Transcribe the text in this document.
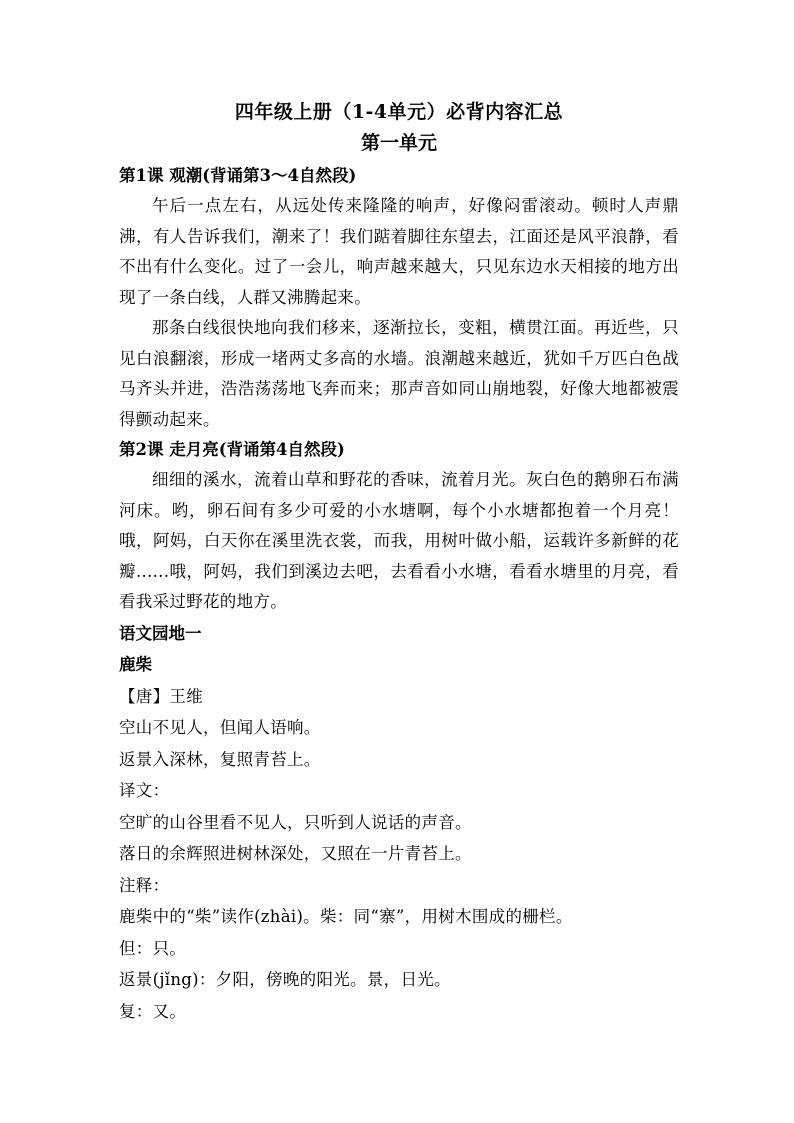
四年级上册（1-4单元）必背内容汇总

第一单元

第1课 观潮(背诵第3～4自然段)

午后一点左右，从远处传来隆隆的响声，好像闷雷滚动。顿时人声鼎沸，有人告诉我们，潮来了！我们踮着脚往东望去，江面还是风平浪静，看不出有什么变化。过了一会儿，响声越来越大，只见东边水天相接的地方出现了一条白线，人群又沸腾起来。

那条白线很快地向我们移来，逐渐拉长，变粗，横贯江面。再近些，只见白浪翻滚，形成一堵两丈多高的水墙。浪潮越来越近，犹如千万匹白色战马齐头并进，浩浩荡荡地飞奔而来；那声音如同山崩地裂，好像大地都被震得颤动起来。

第2课 走月亮(背诵第4自然段)

细细的溪水，流着山草和野花的香味，流着月光。灰白色的鹅卵石布满河床。哟，卵石间有多少可爱的小水塘啊，每个小水塘都抱着一个月亮！哦，阿妈，白天你在溪里洗衣裳，而我，用树叶做小船，运载许多新鲜的花瓣......哦，阿妈，我们到溪边去吧，去看看小水塘，看看水塘里的月亮，看看我采过野花的地方。

语文园地一

鹿柴

【唐】王维

空山不见人，但闻人语响。

返景入深林，复照青苔上。

译文：

空旷的山谷里看不见人，只听到人说话的声音。

落日的余辉照进树林深处，又照在一片青苔上。

注释：

鹿柴中的“柴”读作(zhài)。柴：同“寨”，用树木围成的栅栏。

但：只。

返景(jǐng)：夕阳，傍晚的阳光。景，日光。

复：又。
